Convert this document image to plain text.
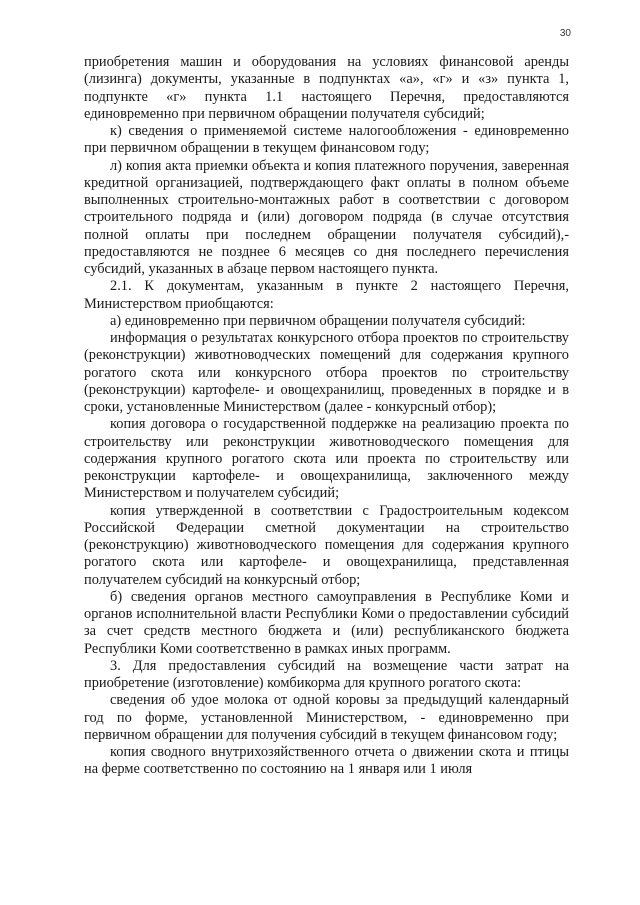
30

приобретения машин и оборудования на условиях финансовой аренды (лизинга) документы, указанные в подпунктах «а», «г» и «з» пункта 1, подпункте «г» пункта 1.1 настоящего Перечня, предоставляются единовременно при первичном обращении получателя субсидий;

к) сведения о применяемой системе налогообложения - единовременно при первичном обращении в текущем финансовом году;

л) копия акта приемки объекта и копия платежного поручения, заверенная кредитной организацией, подтверждающего факт оплаты в полном объеме выполненных строительно-монтажных работ в соответствии с договором строительного подряда и (или) договором подряда (в случае отсутствия полной оплаты при последнем обращении получателя субсидий),- предоставляются не позднее 6 месяцев со дня последнего перечисления субсидий, указанных в абзаце первом настоящего пункта.

2.1. К документам, указанным в пункте 2 настоящего Перечня, Министерством приобщаются:

а) единовременно при первичном обращении получателя субсидий:

информация о результатах конкурсного отбора проектов по строительству (реконструкции) животноводческих помещений для содержания крупного рогатого скота или конкурсного отбора проектов по строительству (реконструкции) картофеле- и овощехранилищ, проведенных в порядке и в сроки, установленные Министерством (далее - конкурсный отбор);

копия договора о государственной поддержке на реализацию проекта по строительству или реконструкции животноводческого помещения для содержания крупного рогатого скота или проекта по строительству или реконструкции картофеле- и овощехранилища, заключенного между Министерством и получателем субсидий;

копия утвержденной в соответствии с Градостроительным кодексом Российской Федерации сметной документации на строительство (реконструкцию) животноводческого помещения для содержания крупного рогатого скота или картофеле- и овощехранилища, представленная получателем субсидий на конкурсный отбор;

б) сведения органов местного самоуправления в Республике Коми и органов исполнительной власти Республики Коми о предоставлении субсидий за счет средств местного бюджета и (или) республиканского бюджета Республики Коми соответственно в рамках иных программ.

3. Для предоставления субсидий на возмещение части затрат на приобретение (изготовление) комбикорма для крупного рогатого скота:

сведения об удое молока от одной коровы за предыдущий календарный год по форме, установленной Министерством, - единовременно при первичном обращении для получения субсидий в текущем финансовом году;

копия сводного внутрихозяйственного отчета о движении скота и птицы на ферме соответственно по состоянию на 1 января или 1 июля
